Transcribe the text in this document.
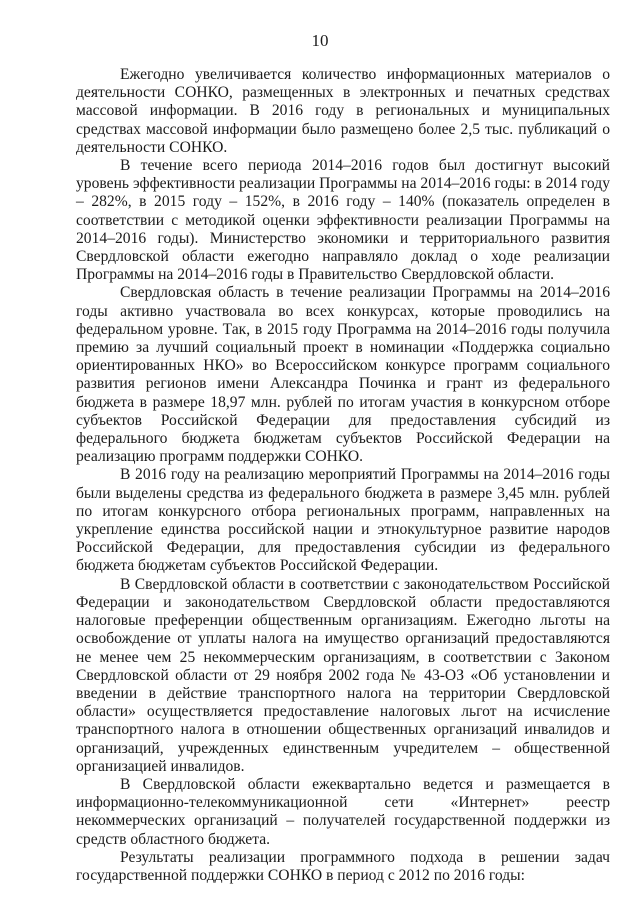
10

Ежегодно увеличивается количество информационных материалов о деятельности СОНКО, размещенных в электронных и печатных средствах массовой информации. В 2016 году в региональных и муниципальных средствах массовой информации было размещено более 2,5 тыс. публикаций о деятельности СОНКО.

В течение всего периода 2014–2016 годов был достигнут высокий уровень эффективности реализации Программы на 2014–2016 годы: в 2014 году – 282%, в 2015 году – 152%, в 2016 году – 140% (показатель определен в соответствии с методикой оценки эффективности реализации Программы на 2014–2016 годы). Министерство экономики и территориального развития Свердловской области ежегодно направляло доклад о ходе реализации Программы на 2014–2016 годы в Правительство Свердловской области.

Свердловская область в течение реализации Программы на 2014–2016 годы активно участвовала во всех конкурсах, которые проводились на федеральном уровне. Так, в 2015 году Программа на 2014–2016 годы получила премию за лучший социальный проект в номинации «Поддержка социально ориентированных НКО» во Всероссийском конкурсе программ социального развития регионов имени Александра Починка и грант из федерального бюджета в размере 18,97 млн. рублей по итогам участия в конкурсном отборе субъектов Российской Федерации для предоставления субсидий из федерального бюджета бюджетам субъектов Российской Федерации на реализацию программ поддержки СОНКО.

В 2016 году на реализацию мероприятий Программы на 2014–2016 годы были выделены средства из федерального бюджета в размере 3,45 млн. рублей по итогам конкурсного отбора региональных программ, направленных на укрепление единства российской нации и этнокультурное развитие народов Российской Федерации, для предоставления субсидии из федерального бюджета бюджетам субъектов Российской Федерации.

В Свердловской области в соответствии с законодательством Российской Федерации и законодательством Свердловской области предоставляются налоговые преференции общественным организациям. Ежегодно льготы на освобождение от уплаты налога на имущество организаций предоставляются не менее чем 25 некоммерческим организациям, в соответствии с Законом Свердловской области от 29 ноября 2002 года № 43-ОЗ «Об установлении и введении в действие транспортного налога на территории Свердловской области» осуществляется предоставление налоговых льгот на исчисление транспортного налога в отношении общественных организаций инвалидов и организаций, учрежденных единственным учредителем – общественной организацией инвалидов.

В Свердловской области ежеквартально ведется и размещается в информационно-телекоммуникационной сети «Интернет» реестр некоммерческих организаций – получателей государственной поддержки из средств областного бюджета.

Результаты реализации программного подхода в решении задач государственной поддержки СОНКО в период с 2012 по 2016 годы:
